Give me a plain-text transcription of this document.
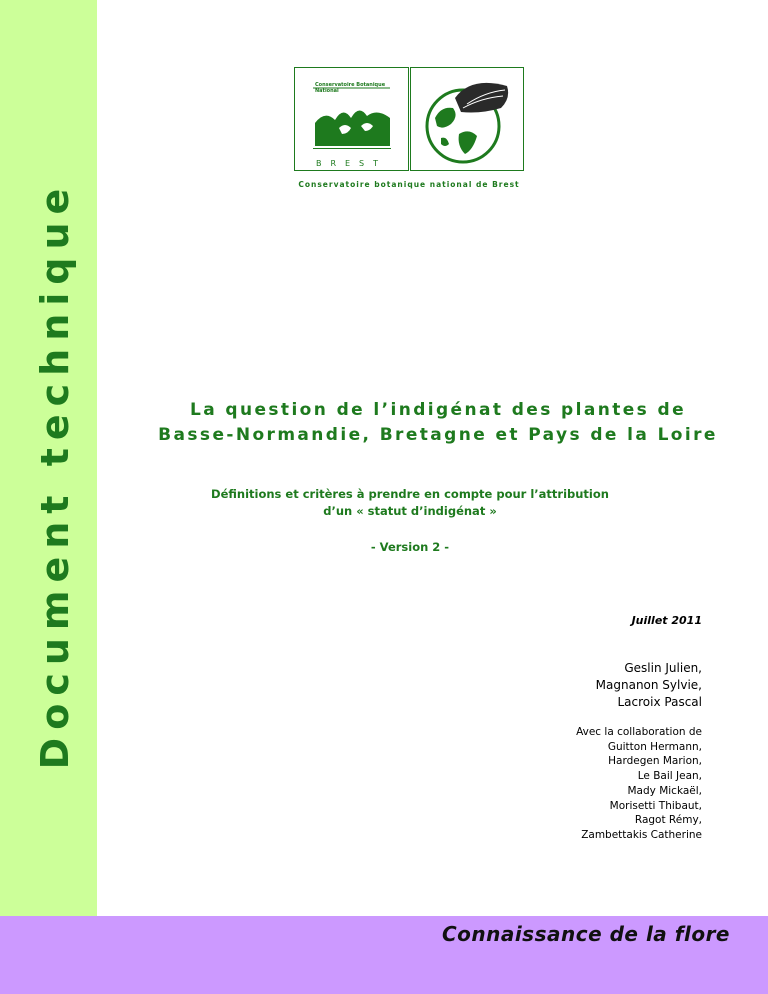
Document technique
Conservatoire Botanique National
BREST
Conservatoire botanique national de Brest
La question de l’indigénat des plantes de
Basse-Normandie, Bretagne et Pays de la Loire
Définitions et critères à prendre en compte pour l’attribution
d’un « statut d’indigénat »
- Version 2 -
Juillet 2011
Geslin Julien,
Magnanon Sylvie,
Lacroix Pascal
Avec la collaboration de
Guitton Hermann,
Hardegen Marion,
Le Bail Jean,
Mady Mickaël,
Morisetti Thibaut,
Ragot Rémy,
Zambettakis Catherine
Connaissance de la flore
